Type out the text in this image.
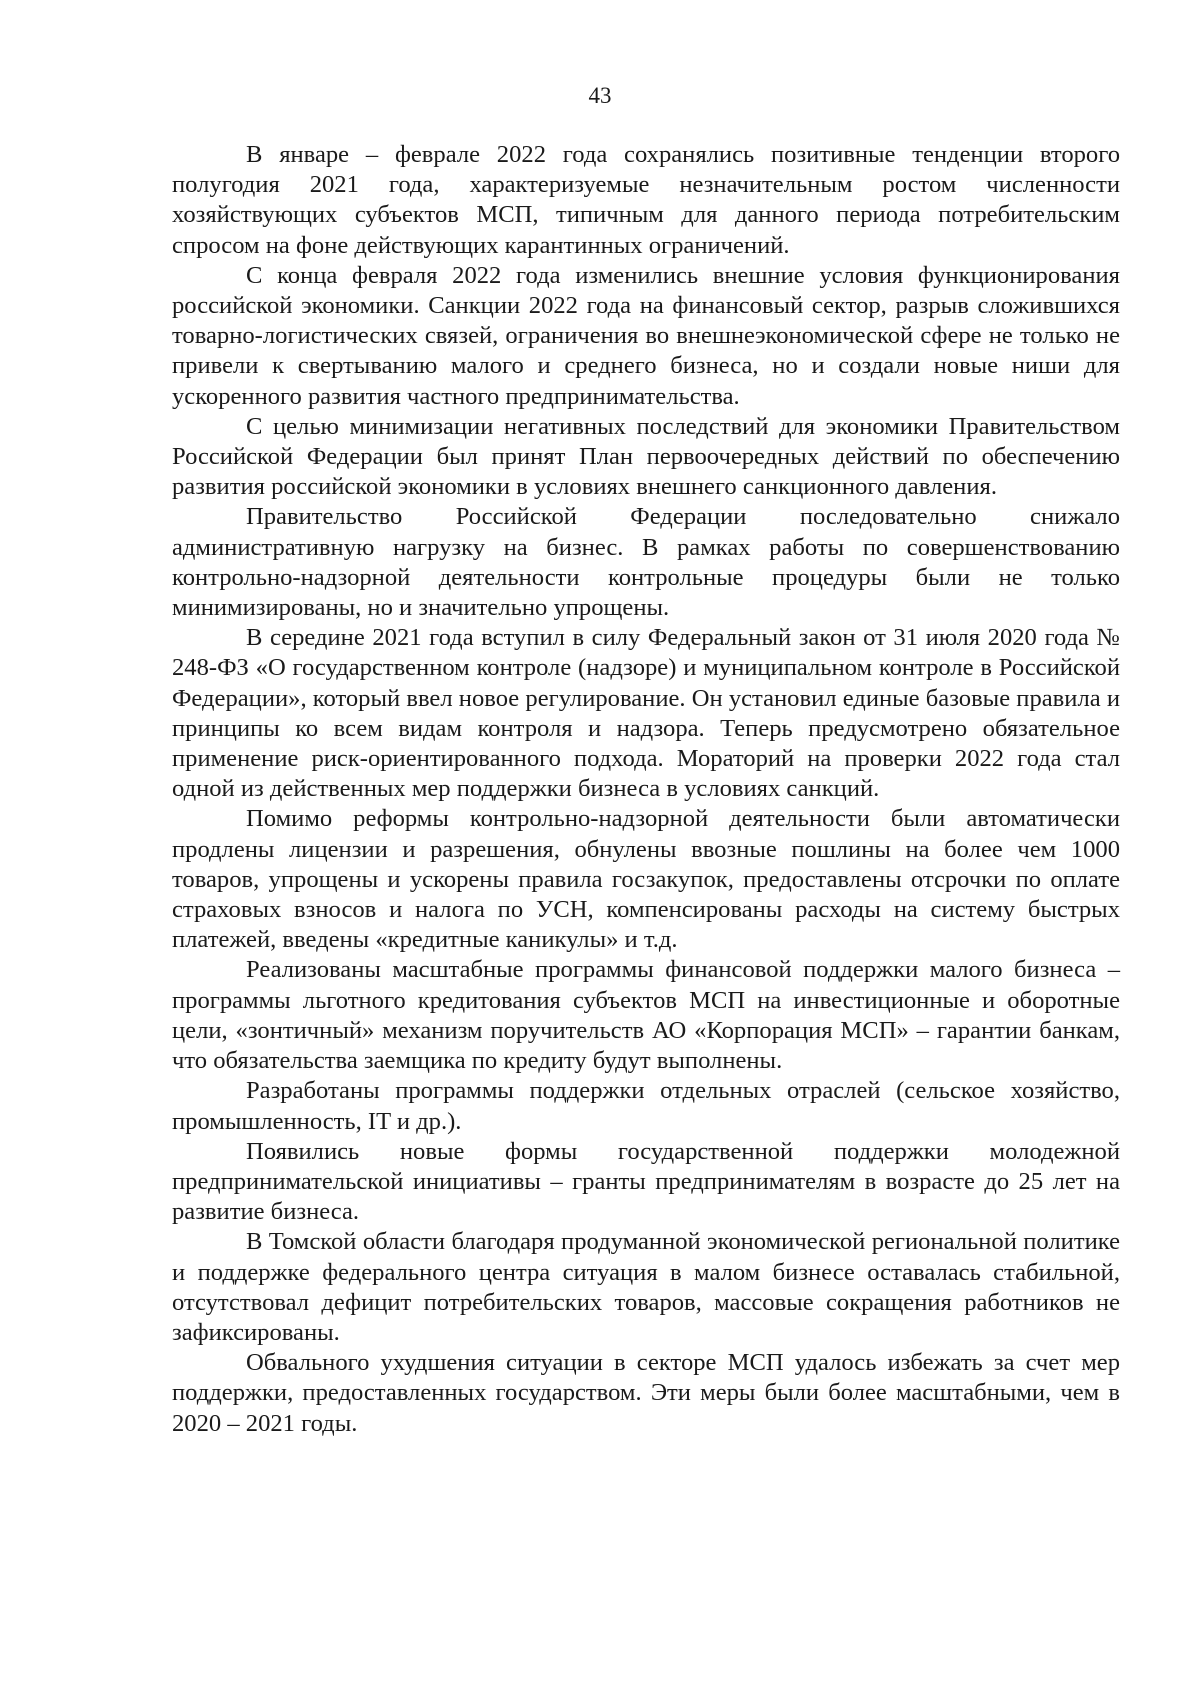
43

В январе – феврале 2022 года сохранялись позитивные тенденции второго полугодия 2021 года, характеризуемые незначительным ростом численности хозяйствующих субъектов МСП, типичным для данного периода потребительским спросом на фоне действующих карантинных ограничений.

С конца февраля 2022 года изменились внешние условия функционирования российской экономики. Санкции 2022 года на финансовый сектор, разрыв сложившихся товарно-логистических связей, ограничения во внешнеэкономической сфере не только не привели к свертыванию малого и среднего бизнеса, но и создали новые ниши для ускоренного развития частного предпринимательства.

С целью минимизации негативных последствий для экономики Правительством Российской Федерации был принят План первоочередных действий по обеспечению развития российской экономики в условиях внешнего санкционного давления.

Правительство Российской Федерации последовательно снижало административную нагрузку на бизнес. В рамках работы по совершенствованию контрольно-надзорной деятельности контрольные процедуры были не только минимизированы, но и значительно упрощены.

В середине 2021 года вступил в силу Федеральный закон от 31 июля 2020 года № 248-ФЗ «О государственном контроле (надзоре) и муниципальном контроле в Российской Федерации», который ввел новое регулирование. Он установил единые базовые правила и принципы ко всем видам контроля и надзора. Теперь предусмотрено обязательное применение риск-ориентированного подхода. Мораторий на проверки 2022 года стал одной из действенных мер поддержки бизнеса в условиях санкций.

Помимо реформы контрольно-надзорной деятельности были автоматически продлены лицензии и разрешения, обнулены ввозные пошлины на более чем 1000 товаров, упрощены и ускорены правила госзакупок, предоставлены отсрочки по оплате страховых взносов и налога по УСН, компенсированы расходы на систему быстрых платежей, введены «кредитные каникулы» и т.д.

Реализованы масштабные программы финансовой поддержки малого бизнеса – программы льготного кредитования субъектов МСП на инвестиционные и оборотные цели, «зонтичный» механизм поручительств АО «Корпорация МСП» – гарантии банкам, что обязательства заемщика по кредиту будут выполнены.

Разработаны программы поддержки отдельных отраслей (сельское хозяйство, промышленность, IT и др.).

Появились новые формы государственной поддержки молодежной предпринимательской инициативы – гранты предпринимателям в возрасте до 25 лет на развитие бизнеса.

В Томской области благодаря продуманной экономической региональной политике и поддержке федерального центра ситуация в малом бизнесе оставалась стабильной, отсутствовал дефицит потребительских товаров, массовые сокращения работников не зафиксированы.

Обвального ухудшения ситуации в секторе МСП удалось избежать за счет мер поддержки, предоставленных государством. Эти меры были более масштабными, чем в 2020 – 2021 годы.
